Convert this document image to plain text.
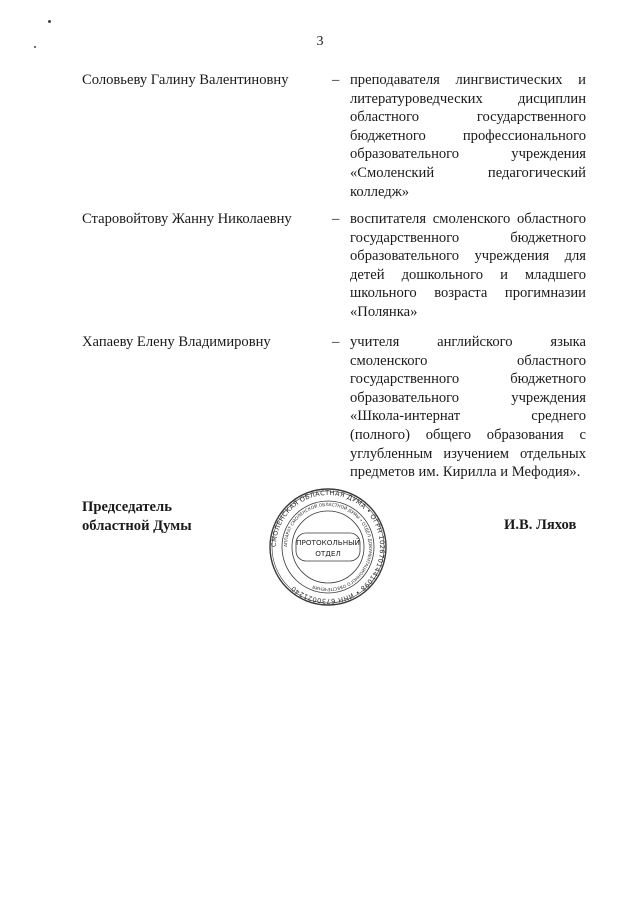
3

Соловьеву Галину Валентиновну	– преподавателя лингвистических и
литературоведческих дисциплин
областного государственного
бюджетного профессионального
образовательного учреждения
«Смоленский педагогический
колледж»
Старовойтову Жанну Николаевну	– воспитателя смоленского областного
государственного бюджетного
образовательного учреждения для
детей дошкольного и младшего
школьного возраста прогимназии
«Полянка»
Хапаеву Елену Владимировну	– учителя английского языка
смоленского областного
государственного бюджетного
образовательного учреждения
«Школа-интернат среднего
(полного) общего образования с
углубленным изучением отдельных
предметов им. Кирилла и Мефодия».
Председатель
областной Думы	И.В. Ляхов
СМОЛЕНСКАЯ ОБЛАСТНАЯ ДУМА • ОГРН 1026701441098 • ИНН 6730021240
АППАРАТ СМОЛЕНСКОЙ ОБЛАСТНОЙ ДУМЫ • ОТДЕЛ ДОКУМЕНТАЦИОННОГО ОБЕСПЕЧЕНИЯ
ПРОТОКОЛЬНЫЙ
ОТДЕЛ
